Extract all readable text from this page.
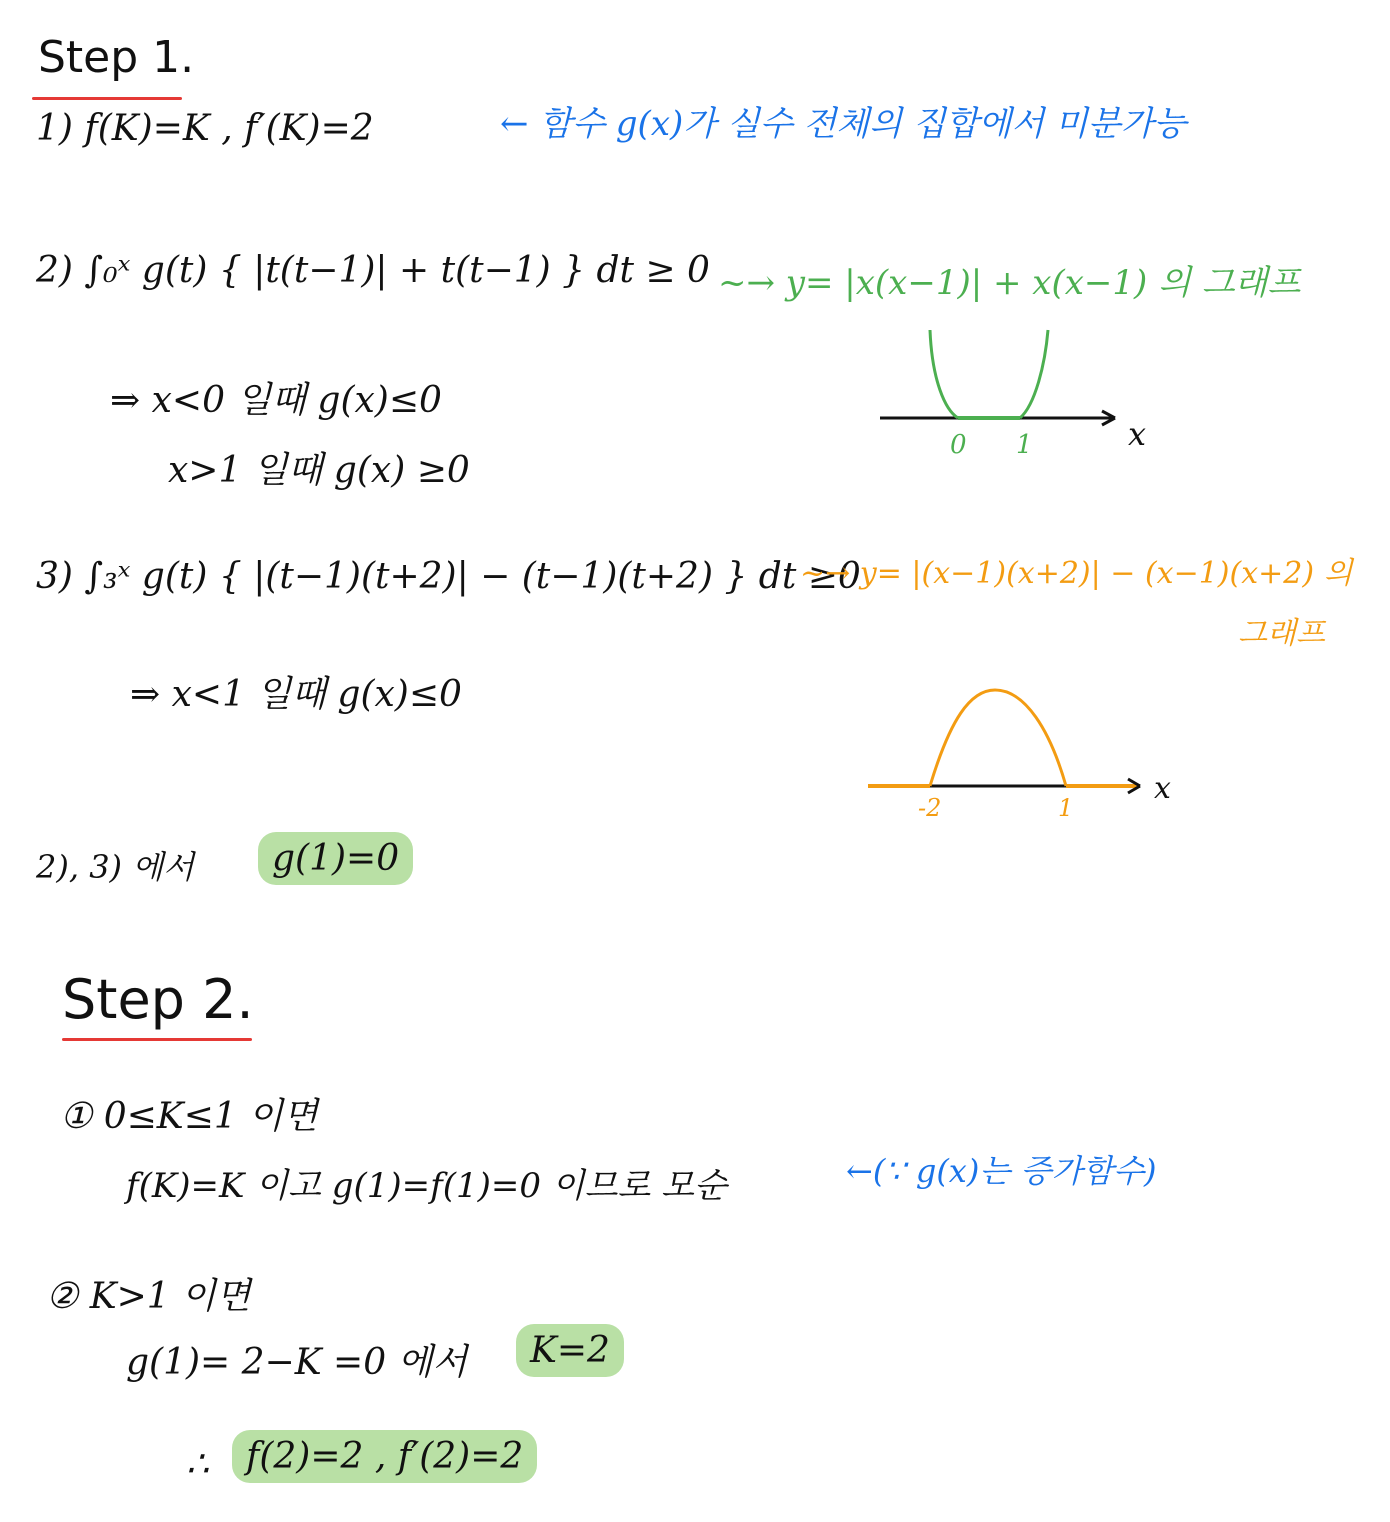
Step 1.
1) f(K)=K , f′(K)=2	← 함수 g(x)가 실수 전체의 집합에서 미분가능
2) ∫₀ˣ g(t) { |t(t−1)| + t(t−1) } dt ≥ 0 ~→ y= |x(x−1)| + x(x−1) 의 그래프
⇒ x<0 일때 g(x)≤0
x>1 일때 g(x) ≥0
0 1	x
3) ∫₃ˣ g(t) { |(t−1)(t+2)| − (t−1)(t+2) } dt ≥0
~→ y= |(x−1)(x+2)| − (x−1)(x+2) 의
그래프
⇒ x<1 일때 g(x)≤0
-2	1
x
2), 3) 에서	g(1)=0
Step 2.
① 0≤K≤1 이면
f(K)=K 이고 g(1)=f(1)=0 이므로 모순	←(∵ g(x)는 증가함수)
② K>1 이면
g(1)= 2−K =0 에서	K=2
∴	f(2)=2 , f′(2)=2
